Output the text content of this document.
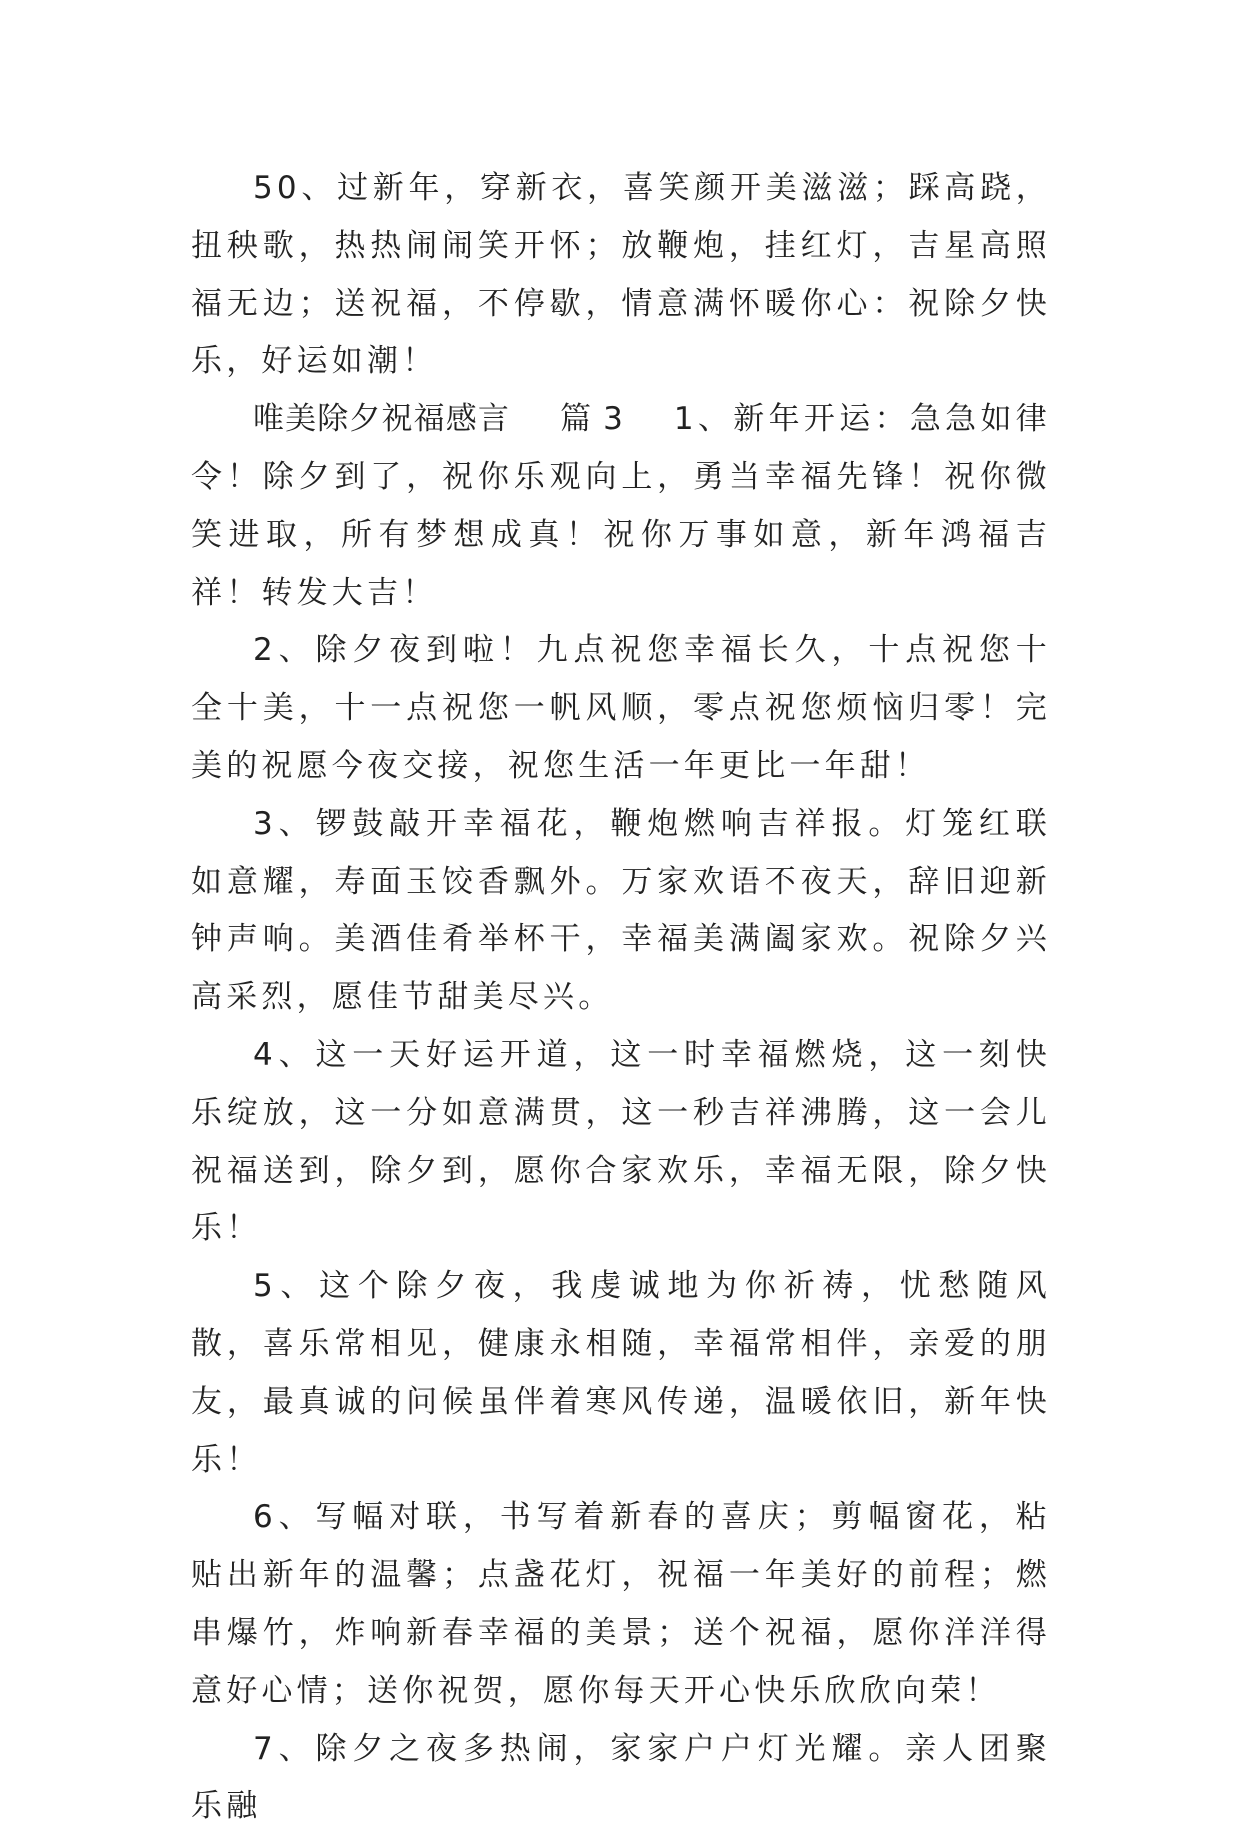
50、过新年，穿新衣，喜笑颜开美滋滋；踩高跷，扭秧歌，热热闹闹笑开怀；放鞭炮，挂红灯，吉星高照福无边；送祝福，不停歇，情意满怀暖你心：祝除夕快乐，好运如潮！

唯美除夕祝福感言 篇 3 1、新年开运：急急如律令！除夕到了，祝你乐观向上，勇当幸福先锋！祝你微笑进取，所有梦想成真！祝你万事如意，新年鸿福吉祥！转发大吉！

2、除夕夜到啦！九点祝您幸福长久，十点祝您十全十美，十一点祝您一帆风顺，零点祝您烦恼归零！完美的祝愿今夜交接，祝您生活一年更比一年甜！

3、锣鼓敲开幸福花，鞭炮燃响吉祥报。灯笼红联如意耀，寿面玉饺香飘外。万家欢语不夜天，辞旧迎新钟声响。美酒佳肴举杯干，幸福美满阖家欢。祝除夕兴高采烈，愿佳节甜美尽兴。

4、这一天好运开道，这一时幸福燃烧，这一刻快乐绽放，这一分如意满贯，这一秒吉祥沸腾，这一会儿祝福送到，除夕到，愿你合家欢乐，幸福无限，除夕快乐！

5、这个除夕夜，我虔诚地为你祈祷，忧愁随风散，喜乐常相见，健康永相随，幸福常相伴，亲爱的朋友，最真诚的问候虽伴着寒风传递，温暖依旧，新年快乐！

6、写幅对联，书写着新春的喜庆；剪幅窗花，粘贴出新年的温馨；点盏花灯，祝福一年美好的前程；燃串爆竹，炸响新春幸福的美景；送个祝福，愿你洋洋得意好心情；送你祝贺，愿你每天开心快乐欣欣向荣！

7、除夕之夜多热闹，家家户户灯光耀。亲人团聚乐融
